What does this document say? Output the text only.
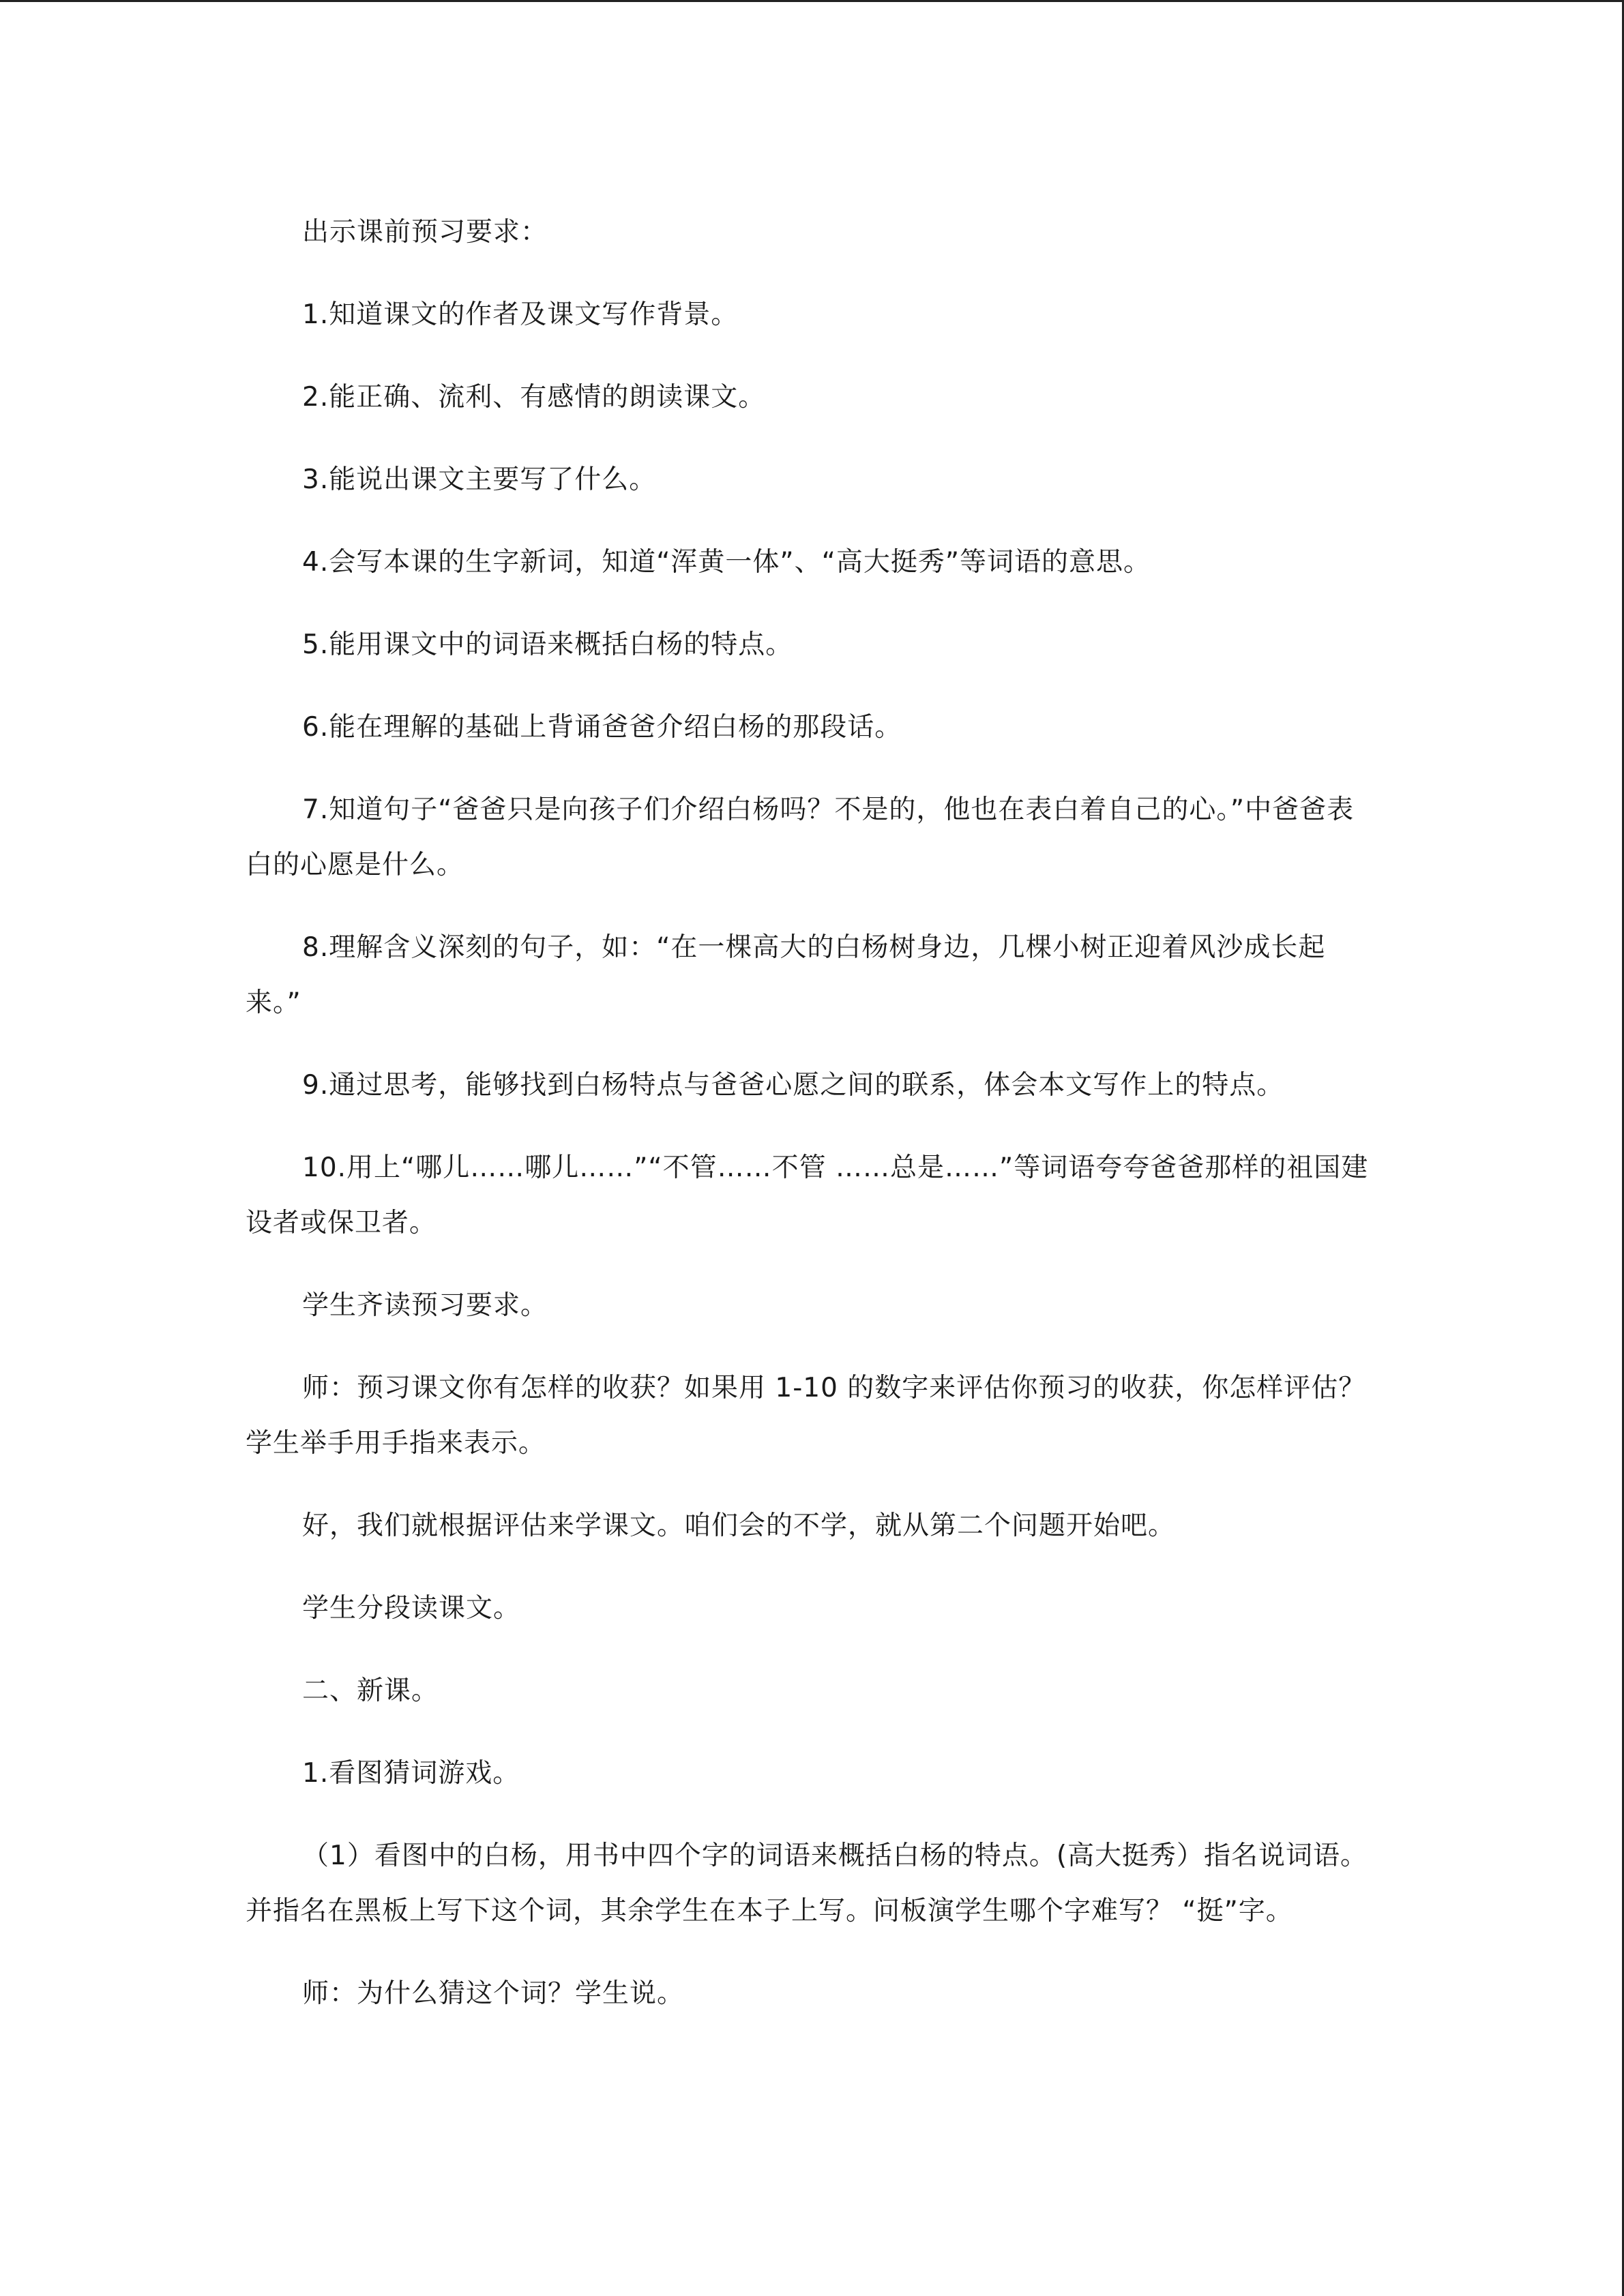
出示课前预习要求：

1.知道课文的作者及课文写作背景。

2.能正确、流利、有感情的朗读课文。

3.能说出课文主要写了什么。

4.会写本课的生字新词，知道“浑黄一体”、“高大挺秀”等词语的意思。

5.能用课文中的词语来概括白杨的特点。

6.能在理解的基础上背诵爸爸介绍白杨的那段话。

7.知道句子“爸爸只是向孩子们介绍白杨吗？不是的，他也在表白着自己的心。”中爸爸表白的心愿是什么。

8.理解含义深刻的句子，如：“在一棵高大的白杨树身边，几棵小树正迎着风沙成长起来。”

9.通过思考，能够找到白杨特点与爸爸心愿之间的联系，体会本文写作上的特点。

10.用上“哪儿……哪儿……”“不管……不管 ……总是……”等词语夸夸爸爸那样的祖国建设者或保卫者。

学生齐读预习要求。

师：预习课文你有怎样的收获？如果用 1-10 的数字来评估你预习的收获，你怎样评估？学生举手用手指来表示。

好，我们就根据评估来学课文。咱们会的不学，就从第二个问题开始吧。

学生分段读课文。

二、新课。

1.看图猜词游戏。

（1）看图中的白杨，用书中四个字的词语来概括白杨的特点。(高大挺秀）指名说词语。并指名在黑板上写下这个词，其余学生在本子上写。问板演学生哪个字难写？ “挺”字。

师：为什么猜这个词？学生说。
